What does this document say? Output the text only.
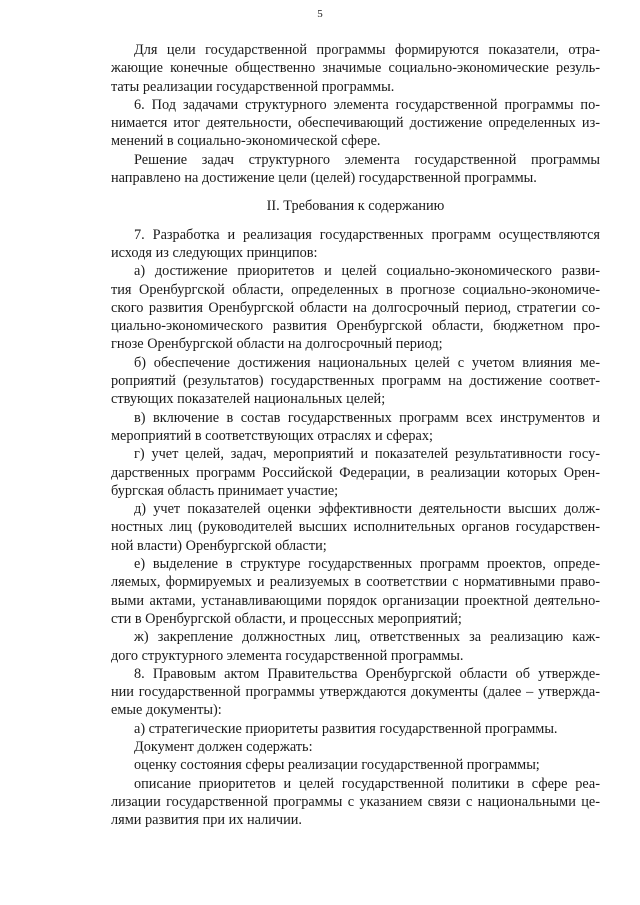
5
Для цели государственной программы формируются показатели, отра-
жающие конечные общественно значимые социально-экономические резуль-
таты реализации государственной программы.
6. Под задачами структурного элемента государственной программы по-
нимается итог деятельности, обеспечивающий достижение определенных из-
менений в социально-экономической сфере.
Решение задач структурного элемента государственной программы
направлено на достижение цели (целей) государственной программы.
II. Требования к содержанию
7. Разработка и реализация государственных программ осуществляются
исходя из следующих принципов:
а) достижение приоритетов и целей социально-экономического разви-
тия Оренбургской области, определенных в прогнозе социально-экономиче-
ского развития Оренбургской области на долгосрочный период, стратегии со-
циально-экономического развития Оренбургской области, бюджетном про-
гнозе Оренбургской области на долгосрочный период;
б) обеспечение достижения национальных целей с учетом влияния ме-
роприятий (результатов) государственных программ на достижение соответ-
ствующих показателей национальных целей;
в) включение в состав государственных программ всех инструментов и
мероприятий в соответствующих отраслях и сферах;
г) учет целей, задач, мероприятий и показателей результативности госу-
дарственных программ Российской Федерации, в реализации которых Орен-
бургская область принимает участие;
д) учет показателей оценки эффективности деятельности высших долж-
ностных лиц (руководителей высших исполнительных органов государствен-
ной власти) Оренбургской области;
е) выделение в структуре государственных программ проектов, опреде-
ляемых, формируемых и реализуемых в соответствии с нормативными право-
выми актами, устанавливающими порядок организации проектной деятельно-
сти в Оренбургской области, и процессных мероприятий;
ж) закрепление должностных лиц, ответственных за реализацию каж-
дого структурного элемента государственной программы.
8. Правовым актом Правительства Оренбургской области об утвержде-
нии государственной программы утверждаются документы (далее – утвержда-
емые документы):
а) стратегические приоритеты развития государственной программы.
Документ должен содержать:
оценку состояния сферы реализации государственной программы;
описание приоритетов и целей государственной политики в сфере реа-
лизации государственной программы с указанием связи с национальными це-
лями развития при их наличии.
